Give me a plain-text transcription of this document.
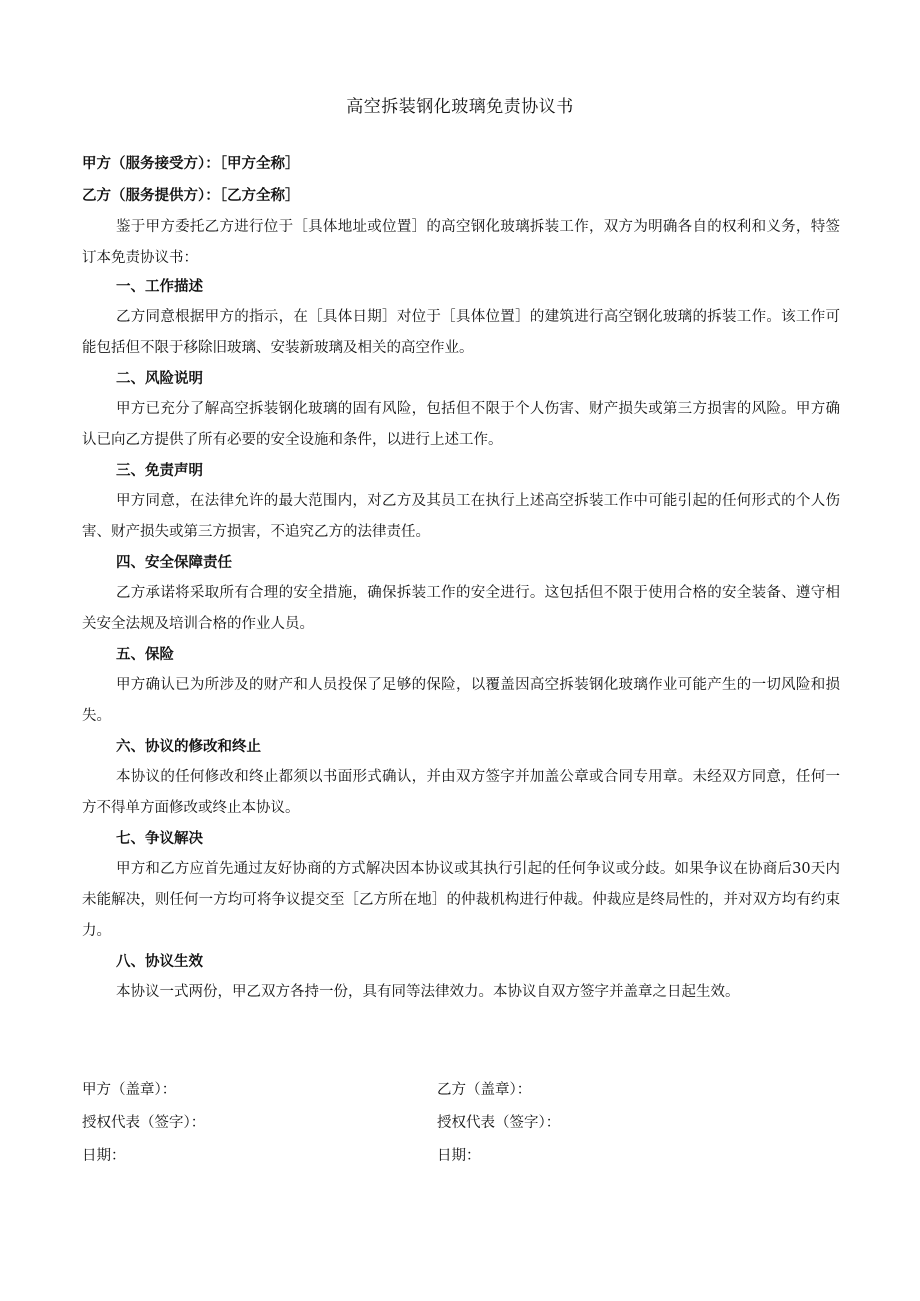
高空拆装钢化玻璃免责协议书
甲方（服务接受方）：［甲方全称］
乙方（服务提供方）：［乙方全称］
鉴于甲方委托乙方进行位于［具体地址或位置］的高空钢化玻璃拆装工作，双方为明确各自的权利和义务，特签订本免责协议书：
一、工作描述

乙方同意根据甲方的指示，在［具体日期］对位于［具体位置］的建筑进行高空钢化玻璃的拆装工作。该工作可能包括但不限于移除旧玻璃、安装新玻璃及相关的高空作业。

二、风险说明

甲方已充分了解高空拆装钢化玻璃的固有风险，包括但不限于个人伤害、财产损失或第三方损害的风险。甲方确认已向乙方提供了所有必要的安全设施和条件，以进行上述工作。

三、免责声明

甲方同意，在法律允许的最大范围内，对乙方及其员工在执行上述高空拆装工作中可能引起的任何形式的个人伤害、财产损失或第三方损害，不追究乙方的法律责任。

四、安全保障责任

乙方承诺将采取所有合理的安全措施，确保拆装工作的安全进行。这包括但不限于使用合格的安全装备、遵守相关安全法规及培训合格的作业人员。

五、保险

甲方确认已为所涉及的财产和人员投保了足够的保险，以覆盖因高空拆装钢化玻璃作业可能产生的一切风险和损失。

六、协议的修改和终止

本协议的任何修改和终止都须以书面形式确认，并由双方签字并加盖公章或合同专用章。未经双方同意，任何一方不得单方面修改或终止本协议。

七、争议解决

甲方和乙方应首先通过友好协商的方式解决因本协议或其执行引起的任何争议或分歧。如果争议在协商后30天内未能解决，则任何一方均可将争议提交至［乙方所在地］的仲裁机构进行仲裁。仲裁应是终局性的，并对双方均有约束力。

八、协议生效

本协议一式两份，甲乙双方各持一份，具有同等法律效力。本协议自双方签字并盖章之日起生效。

甲方（盖章）：
授权代表（签字）：
日期：
乙方（盖章）：
授权代表（签字）：
日期：
